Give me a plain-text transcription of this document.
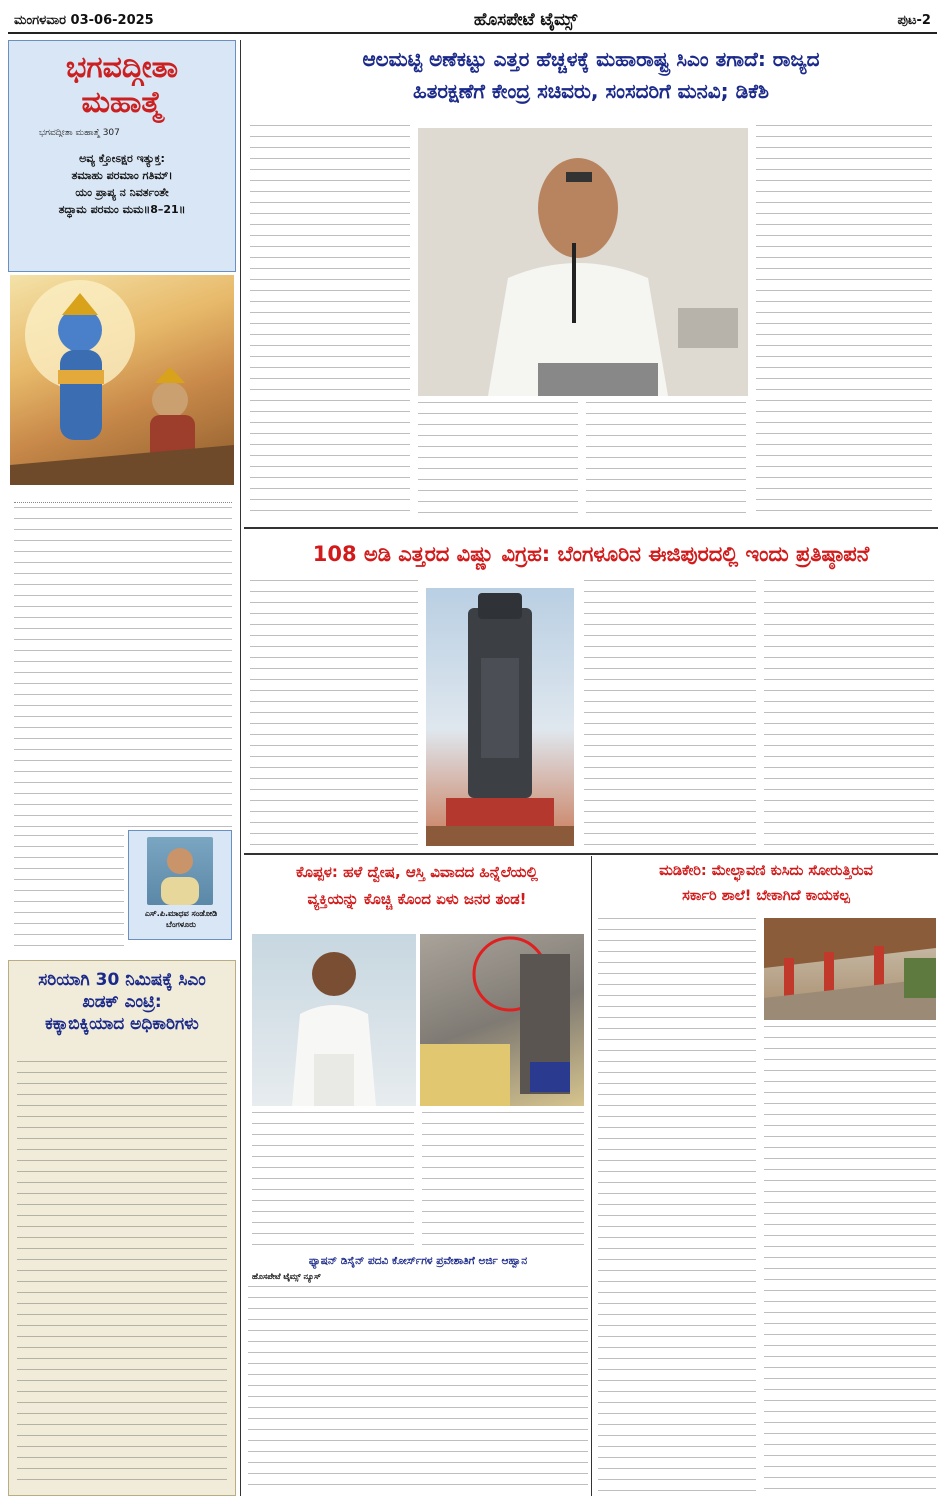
ಮಂಗಳವಾರ 03-06-2025	ಹೊಸಪೇಟೆ ಟೈಮ್ಸ್	ಪುಟ-2
ಭಗವದ್ಗೀತಾ
ಮಹಾತ್ಮೆ
ಭಗವದ್ಗೀತಾ ಮಹಾತ್ಮೆ 307
ಅವ್ಯ ಕ್ತೋಽಕ್ಷರ ಇತ್ಯುಕ್ತ:
ತಮಾಹು ಪರಮಾಂ ಗತಿಮ್।
ಯಂ ಪ್ರಾಪ್ಯ ನ ನಿವರ್ತಂತೇ
ತದ್ಧಾಮ ಪರಮಂ ಮಮ॥8–21॥
ಎಸ್.ಪಿ.ಮಾಧವ ಸಂಡೋಡಿ
ಬೆಂಗಳೂರು
ಸರಿಯಾಗಿ 30 ನಿಮಿಷಕ್ಕೆ ಸಿಎಂ
ಖಡಕ್ ಎಂಟ್ರಿ:
ಕಕ್ಕಾಬಿಕ್ಕಿಯಾದ ಅಧಿಕಾರಿಗಳು
ಆಲಮಟ್ಟಿ ಅಣೆಕಟ್ಟು ಎತ್ತರ ಹೆಚ್ಚಳಕ್ಕೆ ಮಹಾರಾಷ್ಟ್ರ ಸಿಎಂ ತಗಾದೆ: ರಾಜ್ಯದ
ಹಿತರಕ್ಷಣೆಗೆ ಕೇಂದ್ರ ಸಚಿವರು, ಸಂಸದರಿಗೆ ಮನವಿ; ಡಿಕೆಶಿ
108 ಅಡಿ ಎತ್ತರದ ವಿಷ್ಣು ವಿಗ್ರಹ: ಬೆಂಗಳೂರಿನ ಈಜಿಪುರದಲ್ಲಿ ಇಂದು ಪ್ರತಿಷ್ಠಾಪನೆ
ಕೊಪ್ಪಳ: ಹಳೆ ದ್ವೇಷ, ಆಸ್ತಿ ವಿವಾದದ ಹಿನ್ನೆಲೆಯಲ್ಲಿ
ವ್ಯಕ್ತಿಯನ್ನು ಕೊಚ್ಚಿ ಕೊಂದ ಏಳು ಜನರ ತಂಡ!
ಫ್ಯಾಷನ್ ಡಿಸೈನ್ ಪದವಿ ಕೋರ್ಸ್‌ಗಳ ಪ್ರವೇಶಾತಿಗೆ ಅರ್ಜಿ ಆಹ್ವಾನ
ಹೊಸಪೇಟೆ ಟೈಮ್ಸ್ ನ್ಯೂಸ್
ಮಡಿಕೇರಿ: ಮೇಲ್ಛಾವಣಿ ಕುಸಿದು ಸೋರುತ್ತಿರುವ
ಸರ್ಕಾರಿ ಶಾಲೆ! ಬೇಕಾಗಿದೆ ಕಾಯಕಲ್ಪ
